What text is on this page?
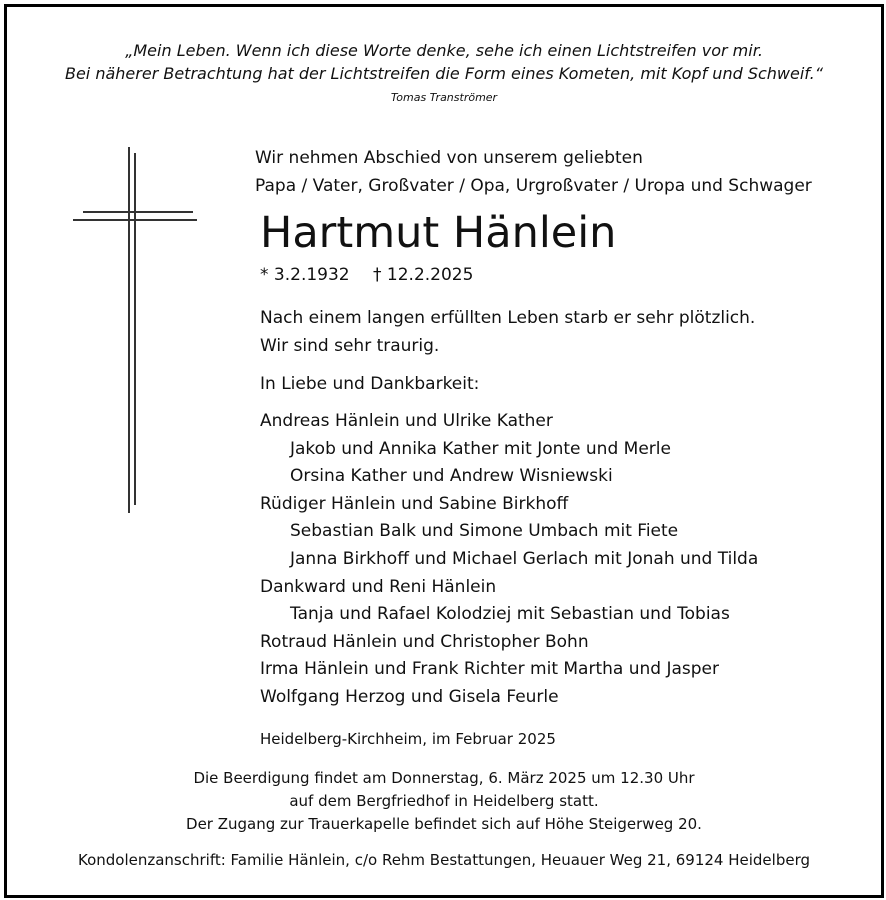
„Mein Leben. Wenn ich diese Worte denke, sehe ich einen Lichtstreifen vor mir.
Bei näherer Betrachtung hat der Lichtstreifen die Form eines Kometen, mit Kopf und Schweif.“
Tomas Tranströmer
Wir nehmen Abschied von unserem geliebten
Papa / Vater, Großvater / Opa, Urgroßvater / Uropa und Schwager
Hartmut Hänlein
* 3.2.1932 † 12.2.2025
Nach einem langen erfüllten Leben starb er sehr plötzlich.
Wir sind sehr traurig.
In Liebe und Dankbarkeit:
Andreas Hänlein und Ulrike Kather
Jakob und Annika Kather mit Jonte und Merle
Orsina Kather und Andrew Wisniewski
Rüdiger Hänlein und Sabine Birkhoff
Sebastian Balk und Simone Umbach mit Fiete
Janna Birkhoff und Michael Gerlach mit Jonah und Tilda
Dankward und Reni Hänlein
Tanja und Rafael Kolodziej mit Sebastian und Tobias
Rotraud Hänlein und Christopher Bohn
Irma Hänlein und Frank Richter mit Martha und Jasper
Wolfgang Herzog und Gisela Feurle
Heidelberg-Kirchheim, im Februar 2025
Die Beerdigung findet am Donnerstag, 6. März 2025 um 12.30 Uhr
auf dem Bergfriedhof in Heidelberg statt.
Der Zugang zur Trauerkapelle befindet sich auf Höhe Steigerweg 20.
Kondolenzanschrift: Familie Hänlein, c/o Rehm Bestattungen, Heuauer Weg 21, 69124 Heidelberg
